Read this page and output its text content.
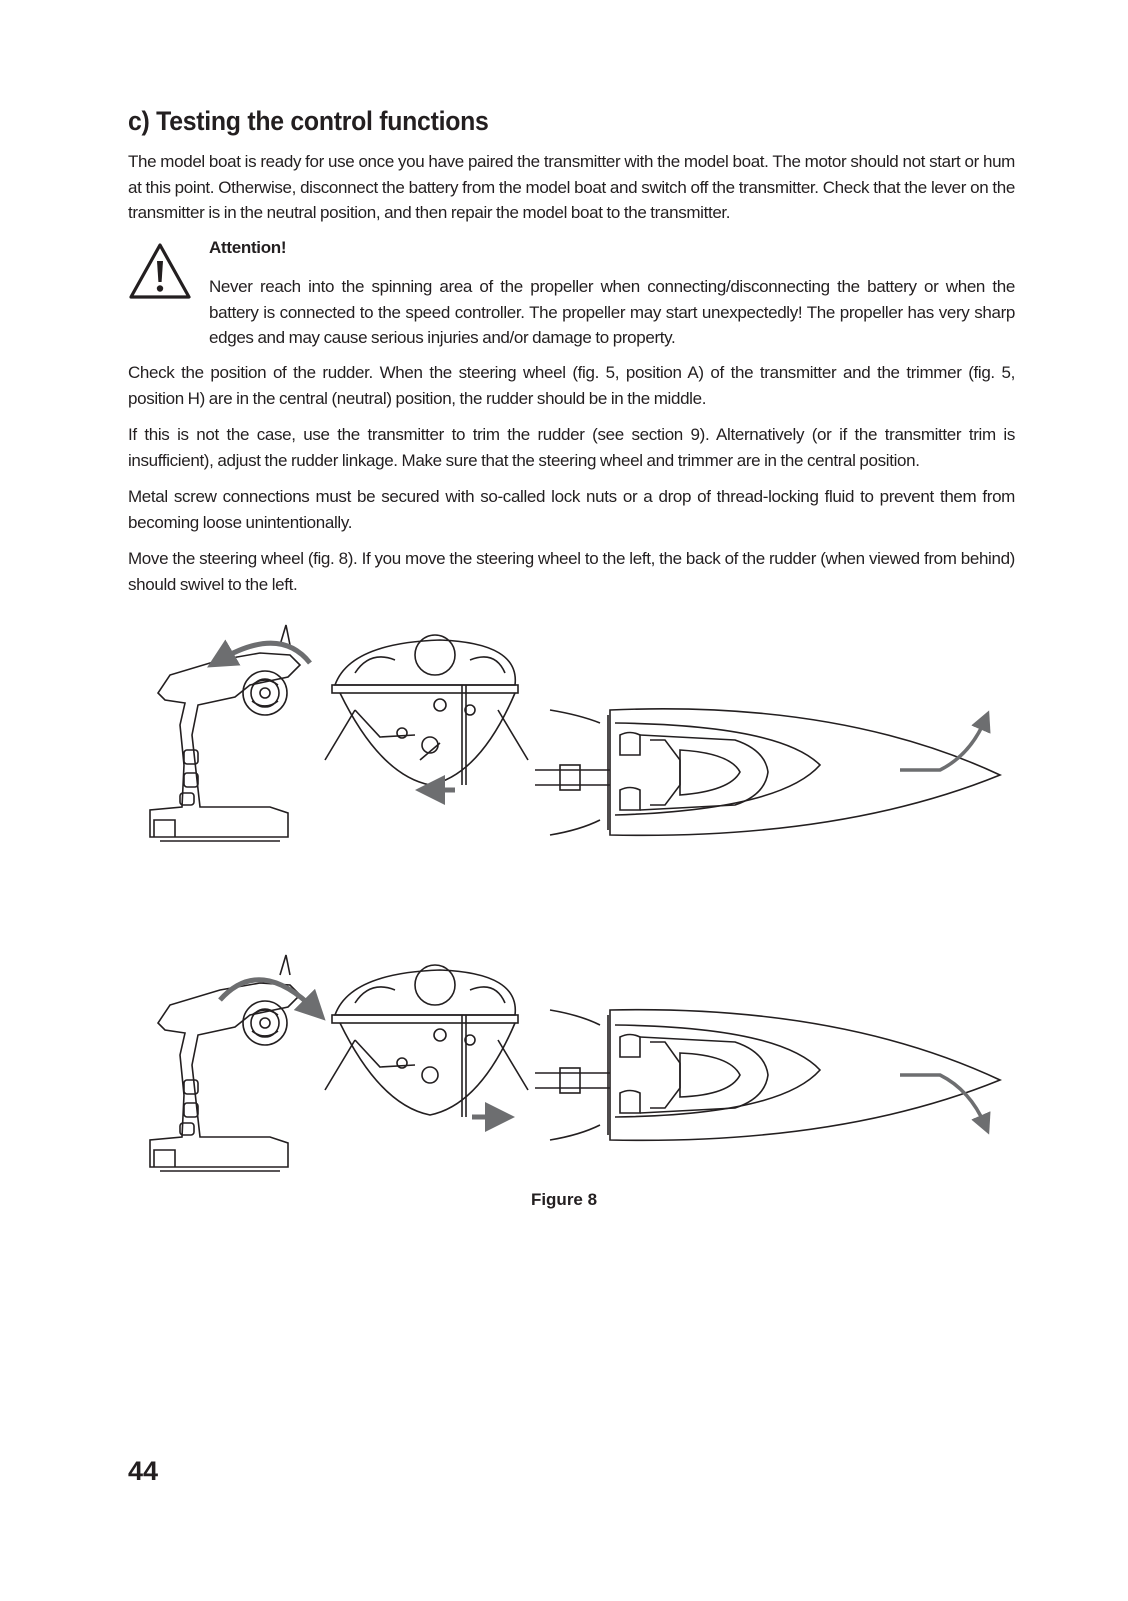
c) Testing the control functions

The model boat is ready for use once you have paired the transmitter with the model boat. The motor should not start or hum at this point. Otherwise, disconnect the battery from the model boat and switch off the transmitter. Check that the lever on the transmitter is in the neutral position, and then repair the model boat to the transmitter.

Attention!

Never reach into the spinning area of the propeller when connecting/disconnecting the battery or when the battery is connected to the speed controller. The propeller may start unexpectedly! The propeller has very sharp edges and may cause serious injuries and/or damage to property.

Check the position of the rudder. When the steering wheel (fig. 5, position A) of the transmitter and the trimmer (fig. 5, position H) are in the central (neutral) position, the rudder should be in the middle.

If this is not the case, use the transmitter to trim the rudder (see section 9). Alternatively (or if the transmitter trim is insufficient), adjust the rudder linkage. Make sure that the steering wheel and trimmer are in the central position.

Metal screw connections must be secured with so-called lock nuts or a drop of thread-locking fluid to prevent them from becoming loose unintentionally.

Move the steering wheel (fig. 8). If you move the steering wheel to the left, the back of the rudder (when viewed from behind) should swivel to the left.

Figure 8
44
